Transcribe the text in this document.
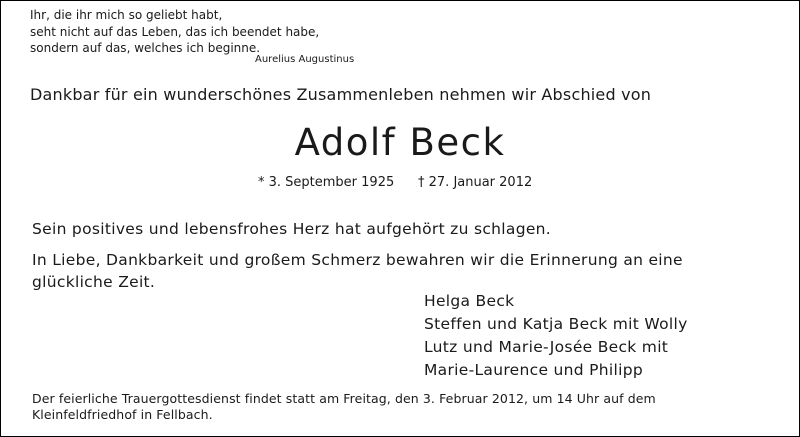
Ihr, die ihr mich so geliebt habt,
seht nicht auf das Leben, das ich beendet habe,
sondern auf das, welches ich beginne.
Aurelius Augustinus
Dankbar für ein wunderschönes Zusammenleben nehmen wir Abschied von
Adolf Beck
* 3. September 1925 † 27. Januar 2012
Sein positives und lebensfrohes Herz hat aufgehört zu schlagen.
In Liebe, Dankbarkeit und großem Schmerz bewahren wir die Erinnerung an eine glückliche Zeit.
Helga Beck
Steffen und Katja Beck mit Wolly
Lutz und Marie-Josée Beck mit
Marie-Laurence und Philipp
Der feierliche Trauergottesdienst findet statt am Freitag, den 3. Februar 2012, um 14 Uhr auf dem Kleinfeldfriedhof in Fellbach.
